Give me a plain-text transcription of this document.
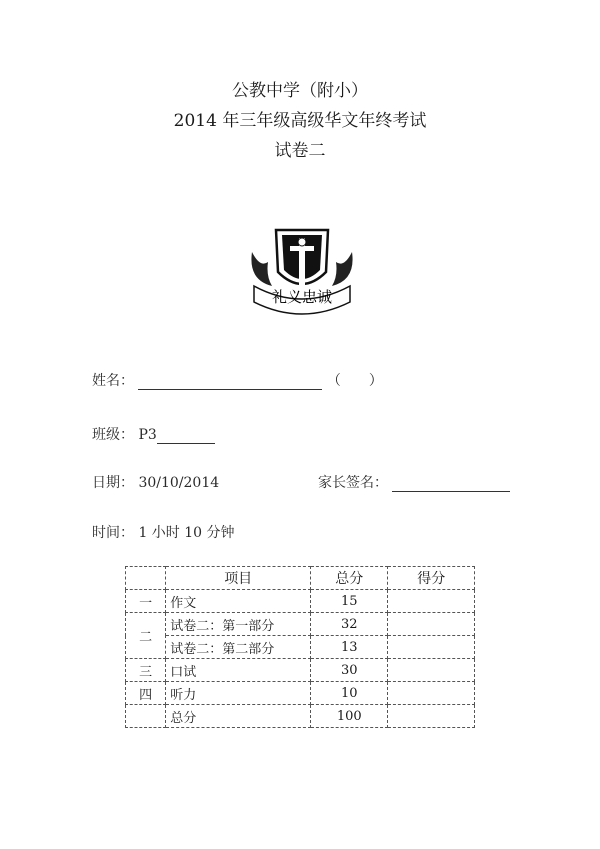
公教中学（附小）
2014 年三年级高级华文年终考试
试卷二
礼义忠诚
姓名：	（　　）
班级： P3
日期： 30/10/2014	家长签名：
时间： 1 小时 10 分钟
	项目	总分	得分
一	作文	15	
二	试卷二：第一部分	32	
	试卷二：第二部分	13	
三	口试	30	
四	听力	10	
	总分	100	
